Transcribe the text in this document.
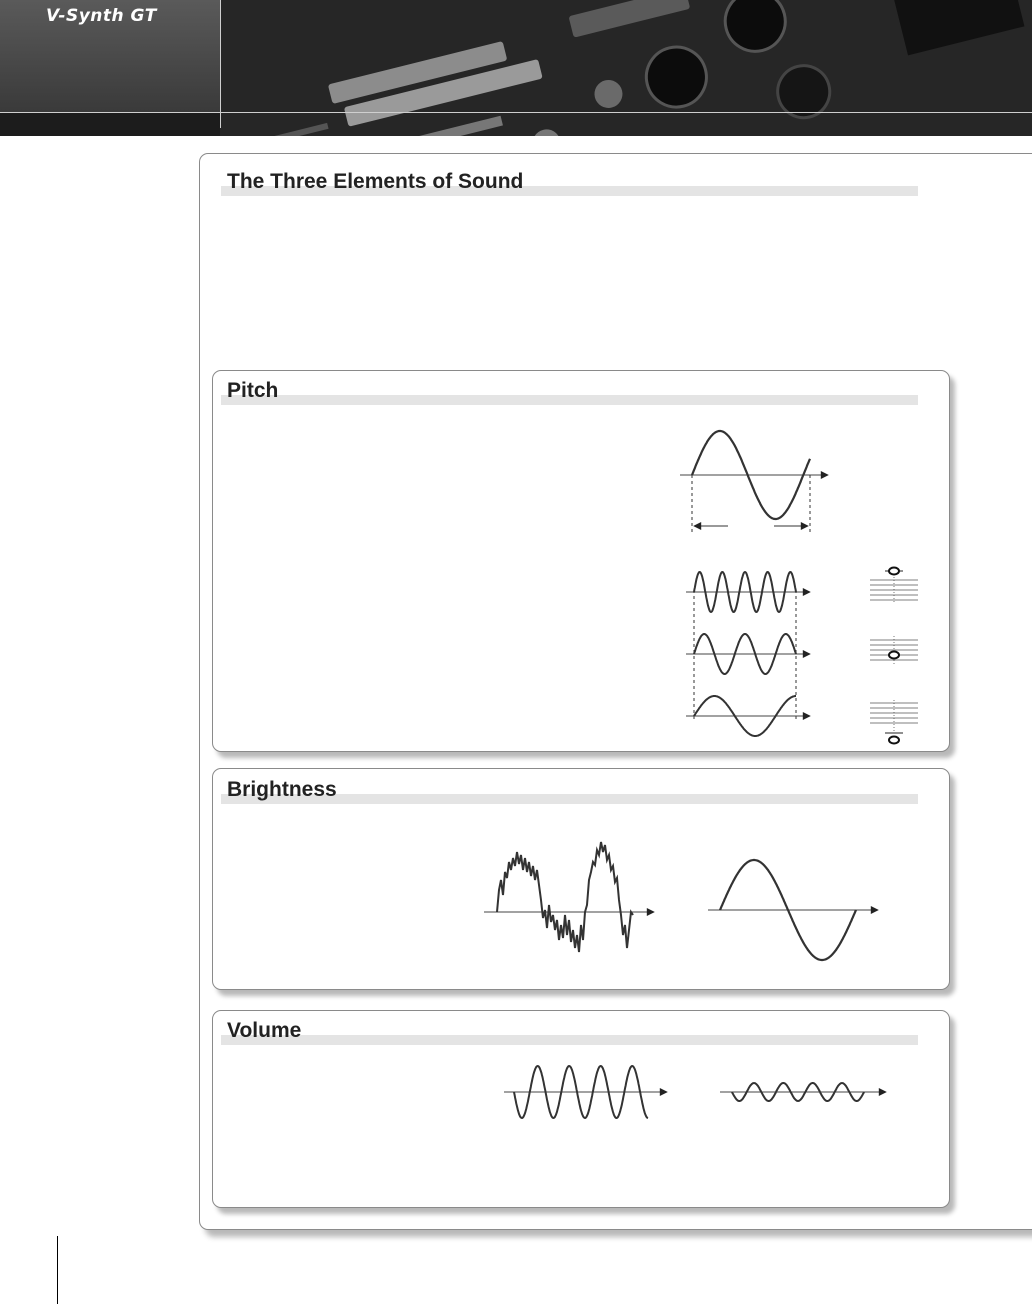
V-Synth GT
The Three Elements of Sound
Pitch
Brightness
Volume
